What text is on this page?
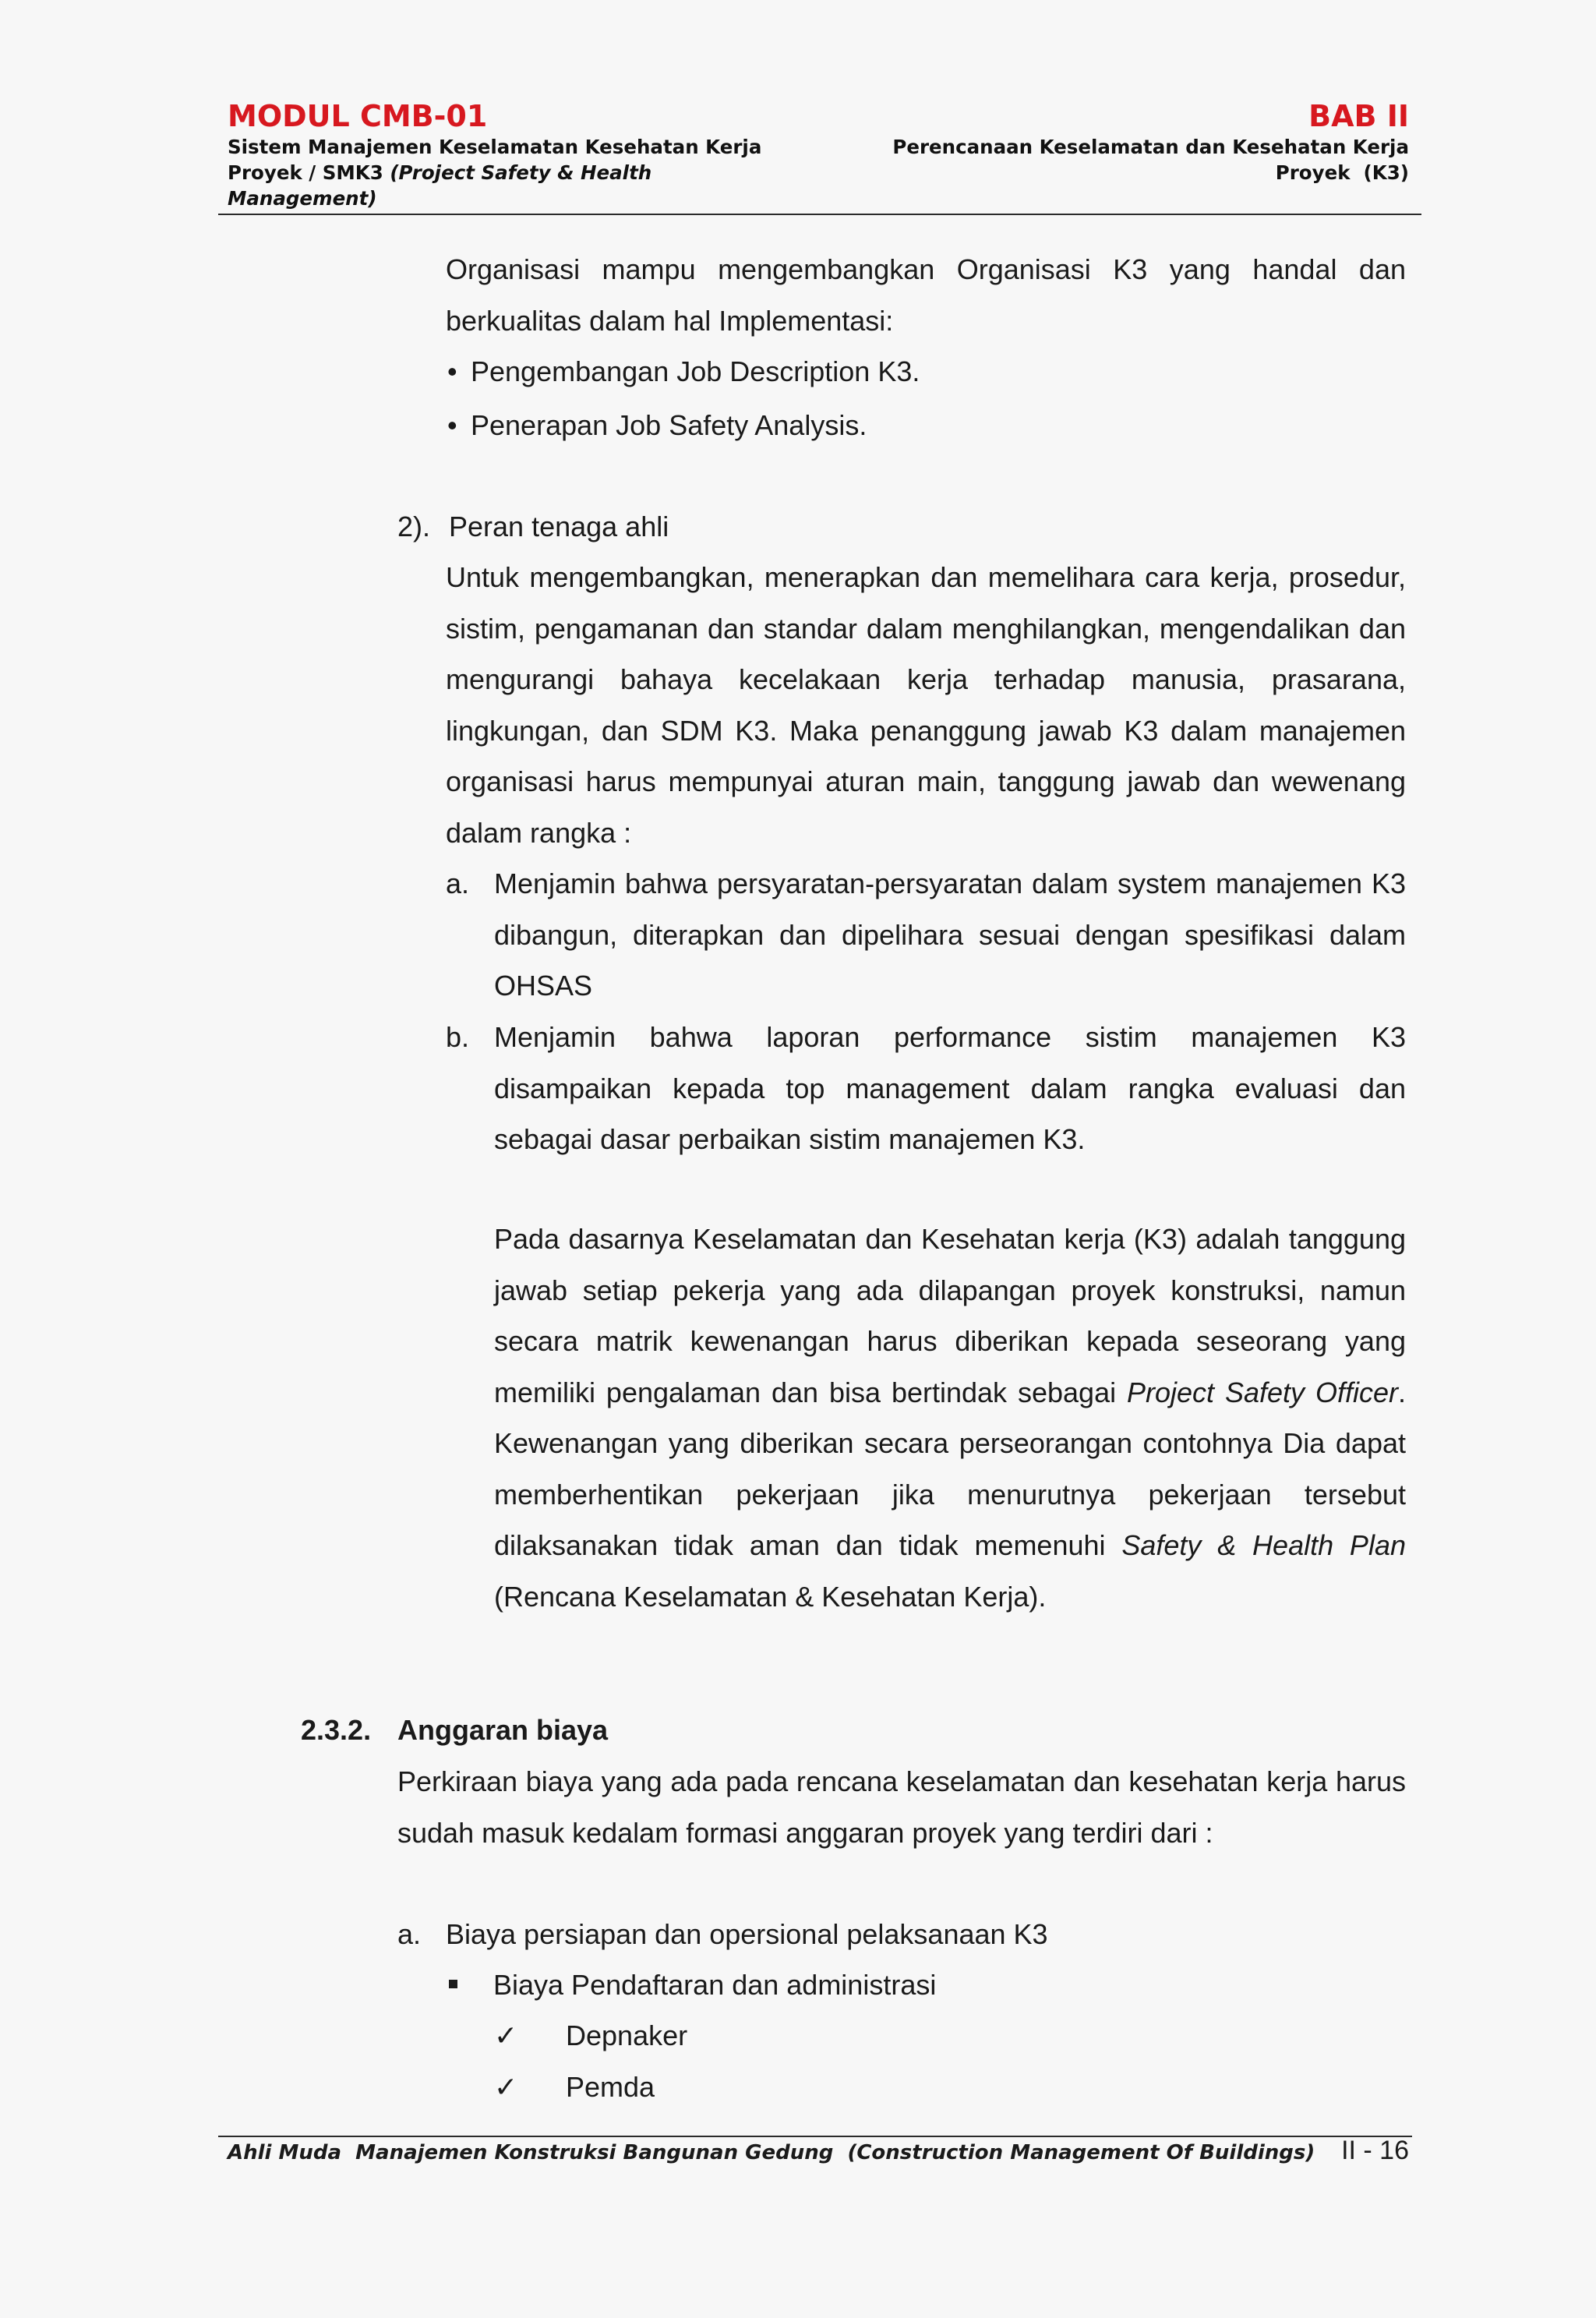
MODUL CMB-01
Sistem Manajemen Keselamatan Kesehatan Kerja
Proyek / SMK3 (Project Safety & Health
Management)
BAB II
Perencanaan Keselamatan dan Kesehatan Kerja
Proyek  (K3)
Organisasi mampu mengembangkan Organisasi K3 yang handal dan berkualitas dalam hal Implementasi:
• Pengembangan Job Description K3.
• Penerapan Job Safety Analysis.
2). Peran tenaga ahli
Untuk mengembangkan, menerapkan dan memelihara cara kerja, prosedur, sistim, pengamanan dan standar dalam menghilangkan, mengendalikan dan mengurangi bahaya kecelakaan kerja terhadap manusia, prasarana, lingkungan, dan SDM K3. Maka penanggung jawab K3 dalam manajemen organisasi harus mempunyai aturan main, tanggung jawab dan wewenang dalam rangka :
a. Menjamin bahwa persyaratan-persyaratan dalam system manajemen K3 dibangun, diterapkan dan dipelihara sesuai dengan spesifikasi dalam OHSAS
b. Menjamin bahwa laporan performance sistim manajemen K3 disampaikan kepada top management dalam rangka evaluasi dan sebagai dasar perbaikan sistim manajemen K3.
Pada dasarnya Keselamatan dan Kesehatan kerja (K3) adalah tanggung jawab setiap pekerja yang ada dilapangan proyek konstruksi, namun secara matrik kewenangan harus diberikan kepada seseorang yang memiliki pengalaman dan bisa bertindak sebagai Project Safety Officer. Kewenangan yang diberikan secara perseorangan contohnya Dia dapat memberhentikan pekerjaan jika menurutnya pekerjaan tersebut dilaksanakan tidak aman dan tidak memenuhi Safety & Health Plan (Rencana Keselamatan & Kesehatan Kerja).
2.3.2. Anggaran biaya
Perkiraan biaya yang ada pada rencana keselamatan dan kesehatan kerja harus sudah masuk kedalam formasi anggaran proyek yang terdiri dari :
a. Biaya persiapan dan opersional pelaksanaan K3
Biaya Pendaftaran dan administrasi
✓ Depnaker
✓ Pemda
Ahli Muda  Manajemen Konstruksi Bangunan Gedung  (Construction Management Of Buildings) II - 16
